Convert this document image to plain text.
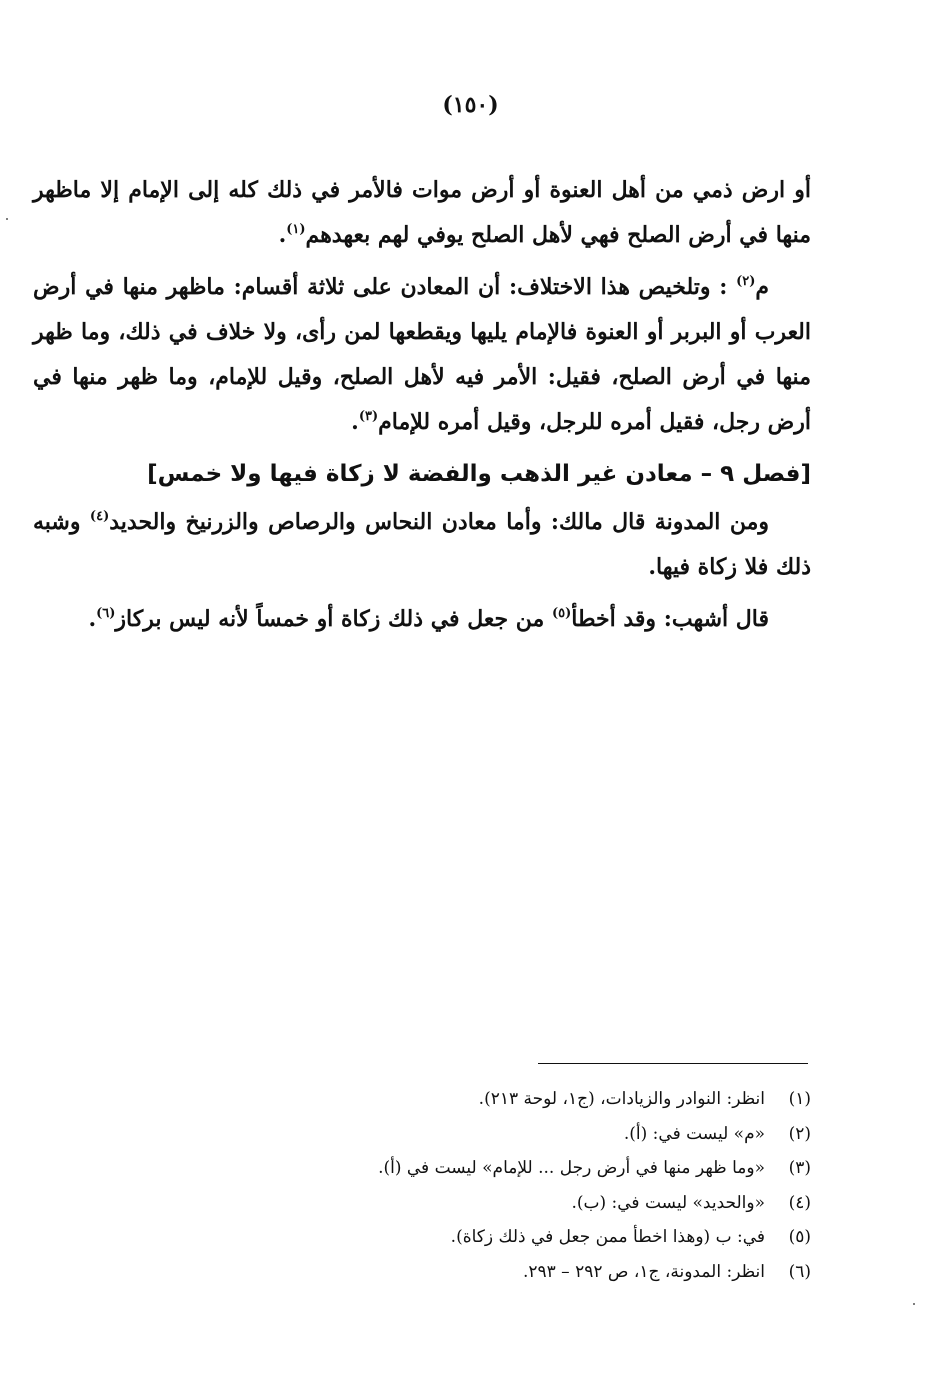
(١٥٠)

أو ارض ذمي من أهل العنوة أو أرض موات فالأمر في ذلك كله إلى الإمام إلا ماظهر منها في أرض الصلح فهي لأهل الصلح يوفي لهم بعهدهم$^{(١)}$.

م$^{(٢)}$ : وتلخيص هذا الاختلاف: أن المعادن على ثلاثة أقسام: ماظهر منها في أرض العرب أو البربر أو العنوة فالإمام يليها ويقطعها لمن رأى، ولا خلاف في ذلك، وما ظهر منها في أرض الصلح، فقيل: الأمر فيه لأهل الصلح، وقيل للإمام، وما ظهر منها في أرض رجل، فقيل أمره للرجل، وقيل أمره للإمام$^{(٣)}$.

[فصل ٩ – معادن غير الذهب والفضة لا زكاة فيها ولا خمس]

ومن المدونة قال مالك: وأما معادن النحاس والرصاص والزرنيخ والحديد$^{(٤)}$ وشبه ذلك فلا زكاة فيها.

قال أشهب: وقد أخطأ$^{(٥)}$ من جعل في ذلك زكاة أو خمساً لأنه ليس بركاز$^{(٦)}$.

(١)انظر: النوادر والزيادات، (ج١، لوحة ٢١٣).
(٢)«م» ليست في: (أ).
(٣)«وما ظهر منها في أرض رجل ... للإمام» ليست في (أ).
(٤)«والحديد» ليست في: (ب).
(٥)في: ب (وهذا اخطأ ممن جعل في ذلك زكاة).
(٦)انظر: المدونة، ج١، ص ٢٩٢ – ٢٩٣.
